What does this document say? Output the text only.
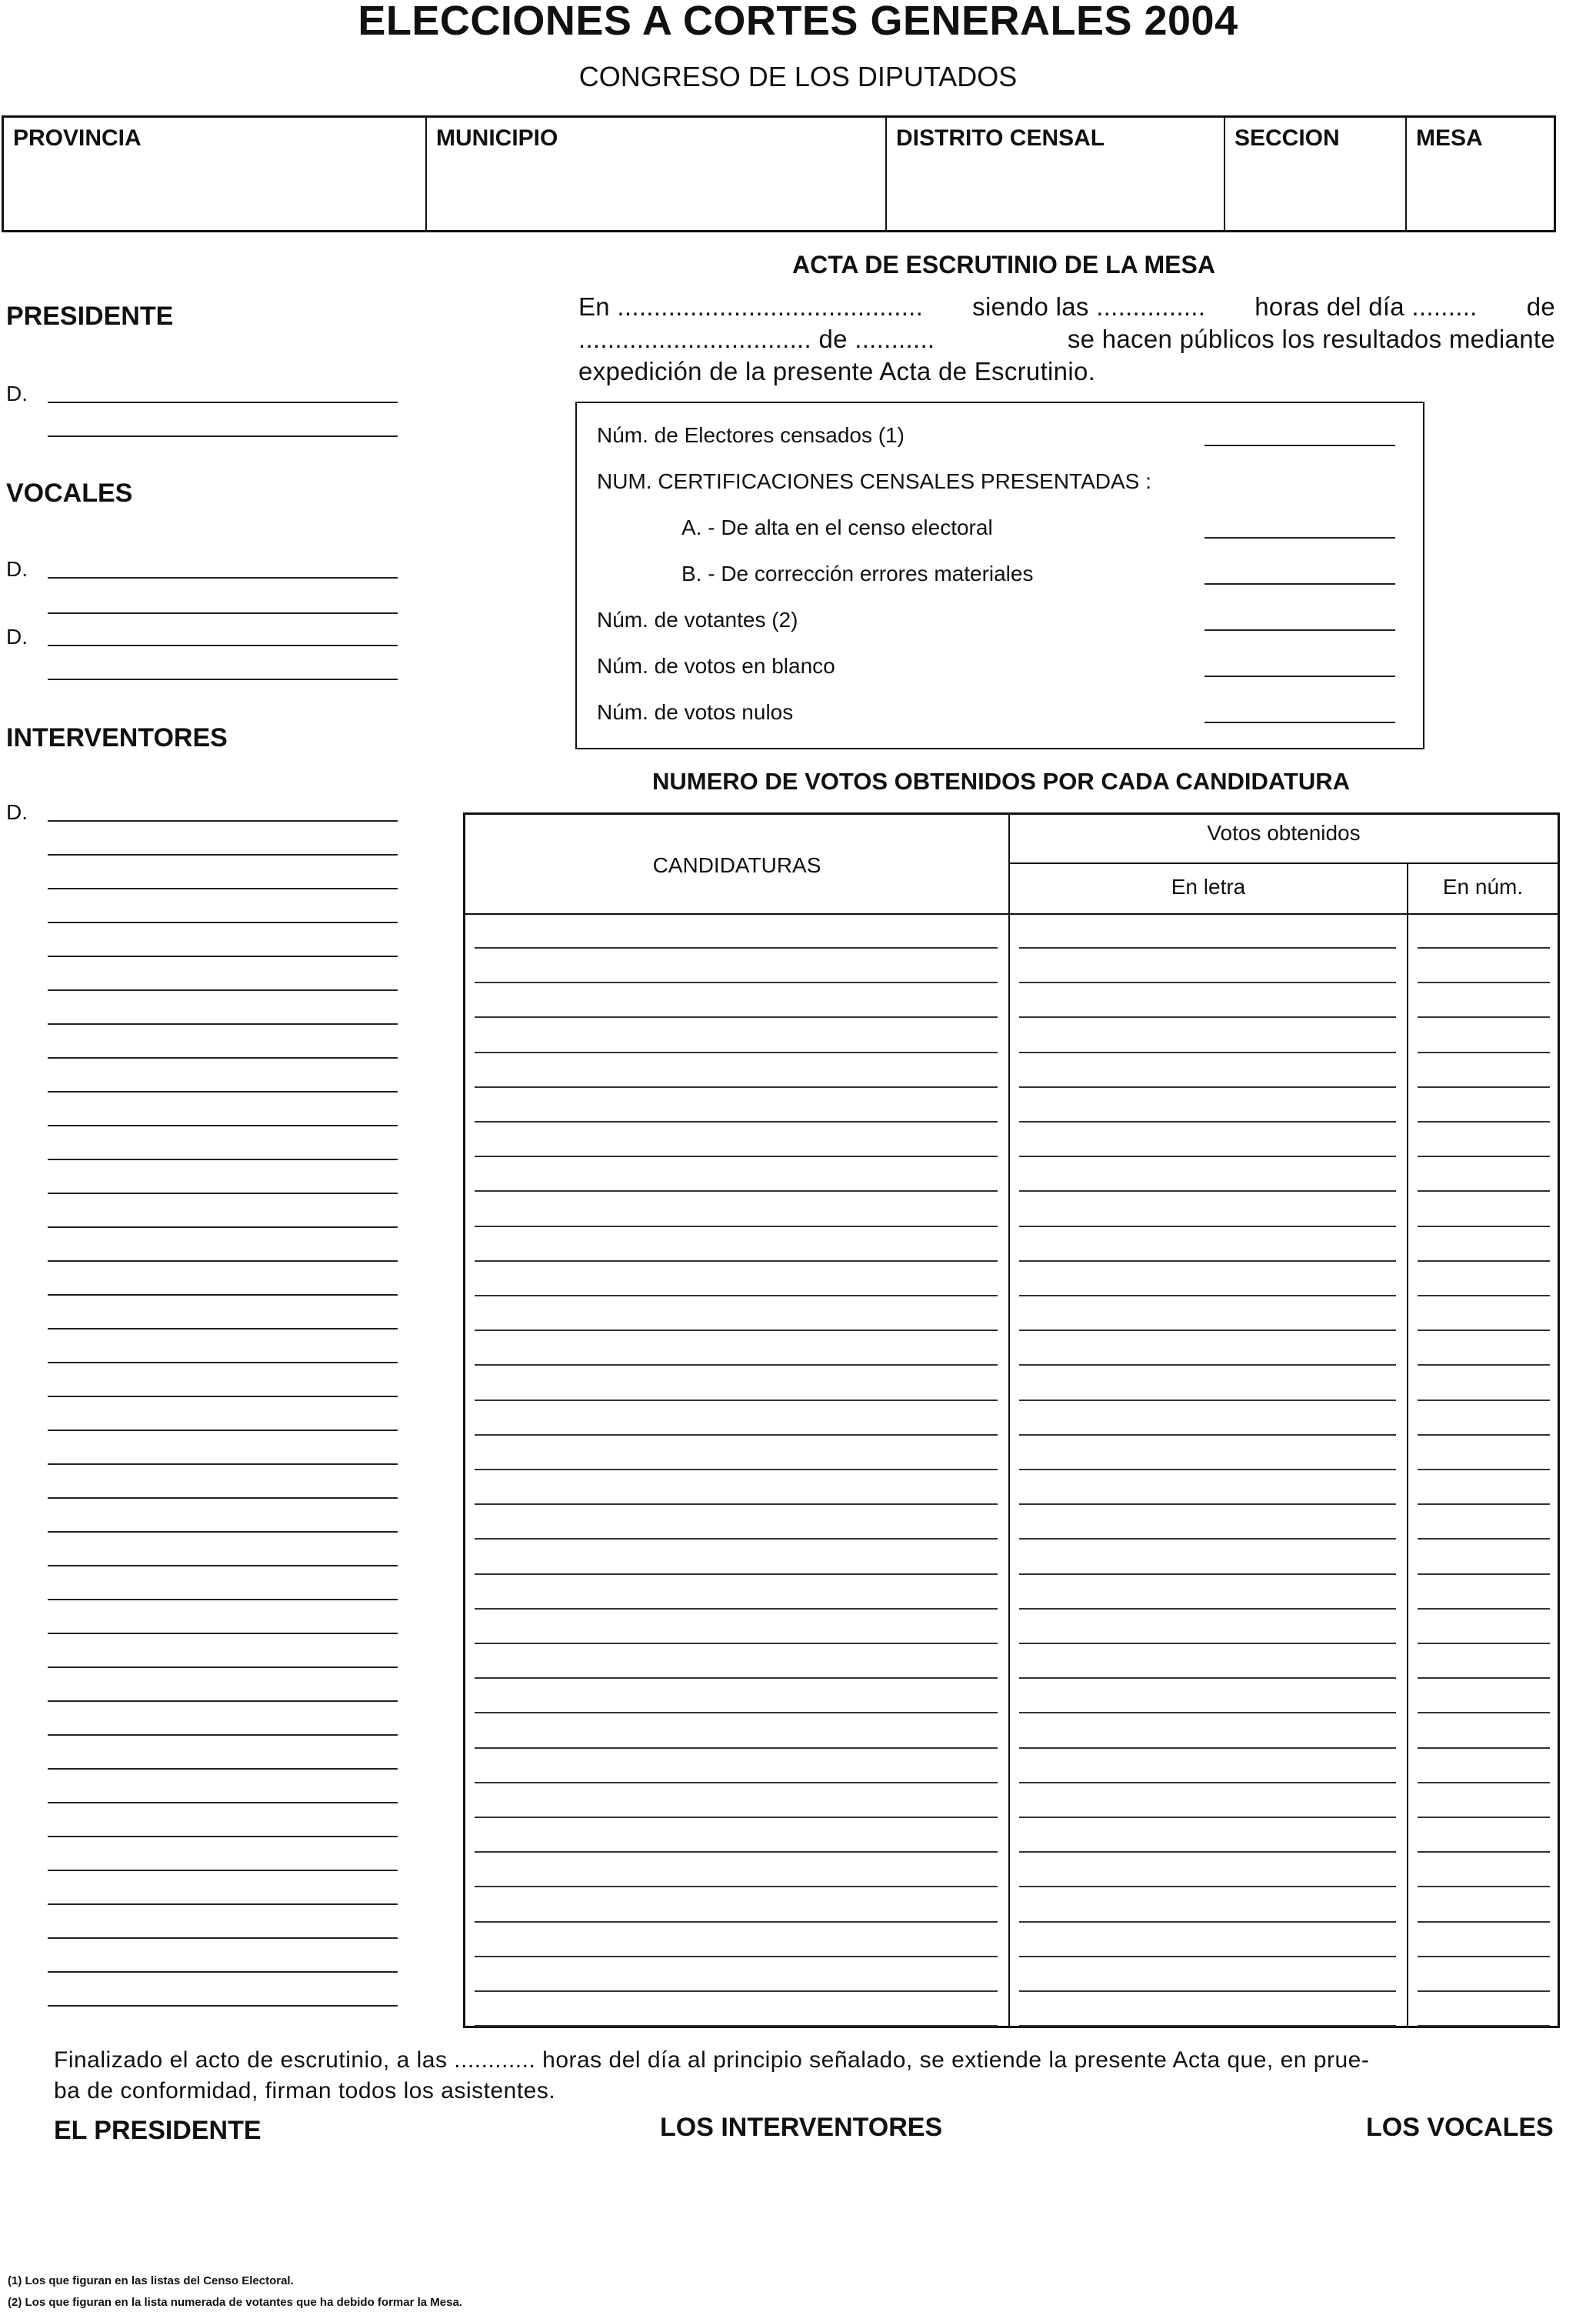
ELECCIONES A CORTES GENERALES 2004
CONGRESO DE LOS DIPUTADOS
PROVINCIA	MUNICIPIO	DISTRITO CENSAL	SECCION	MESA
PRESIDENTE
D.
VOCALES
D.
D.
INTERVENTORES
D.
ACTA DE ESCRUTINIO DE LA MESA
En .......................................... siendo las ............... horas del día ......... de
................................ de ...........	se hacen públicos los resultados mediante
expedición de la presente Acta de Escrutinio.
Núm. de Electores censados (1)
NUM. CERTIFICACIONES CENSALES PRESENTADAS :
A. - De alta en el censo electoral
B. - De corrección errores materiales
Núm. de votantes (2)
Núm. de votos en blanco
Núm. de votos nulos
NUMERO DE VOTOS OBTENIDOS POR CADA CANDIDATURA
CANDIDATURAS
Votos obtenidos
En letra	En núm.
Finalizado el acto de escrutinio, a las ............ horas del día al principio señalado, se extiende la presente Acta que, en prue-
ba de conformidad, firman todos los asistentes.
EL PRESIDENTE	LOS INTERVENTORES	LOS VOCALES
(1) Los que figuran en las listas del Censo Electoral.
(2) Los que figuran en la lista numerada de votantes que ha debido formar la Mesa.
